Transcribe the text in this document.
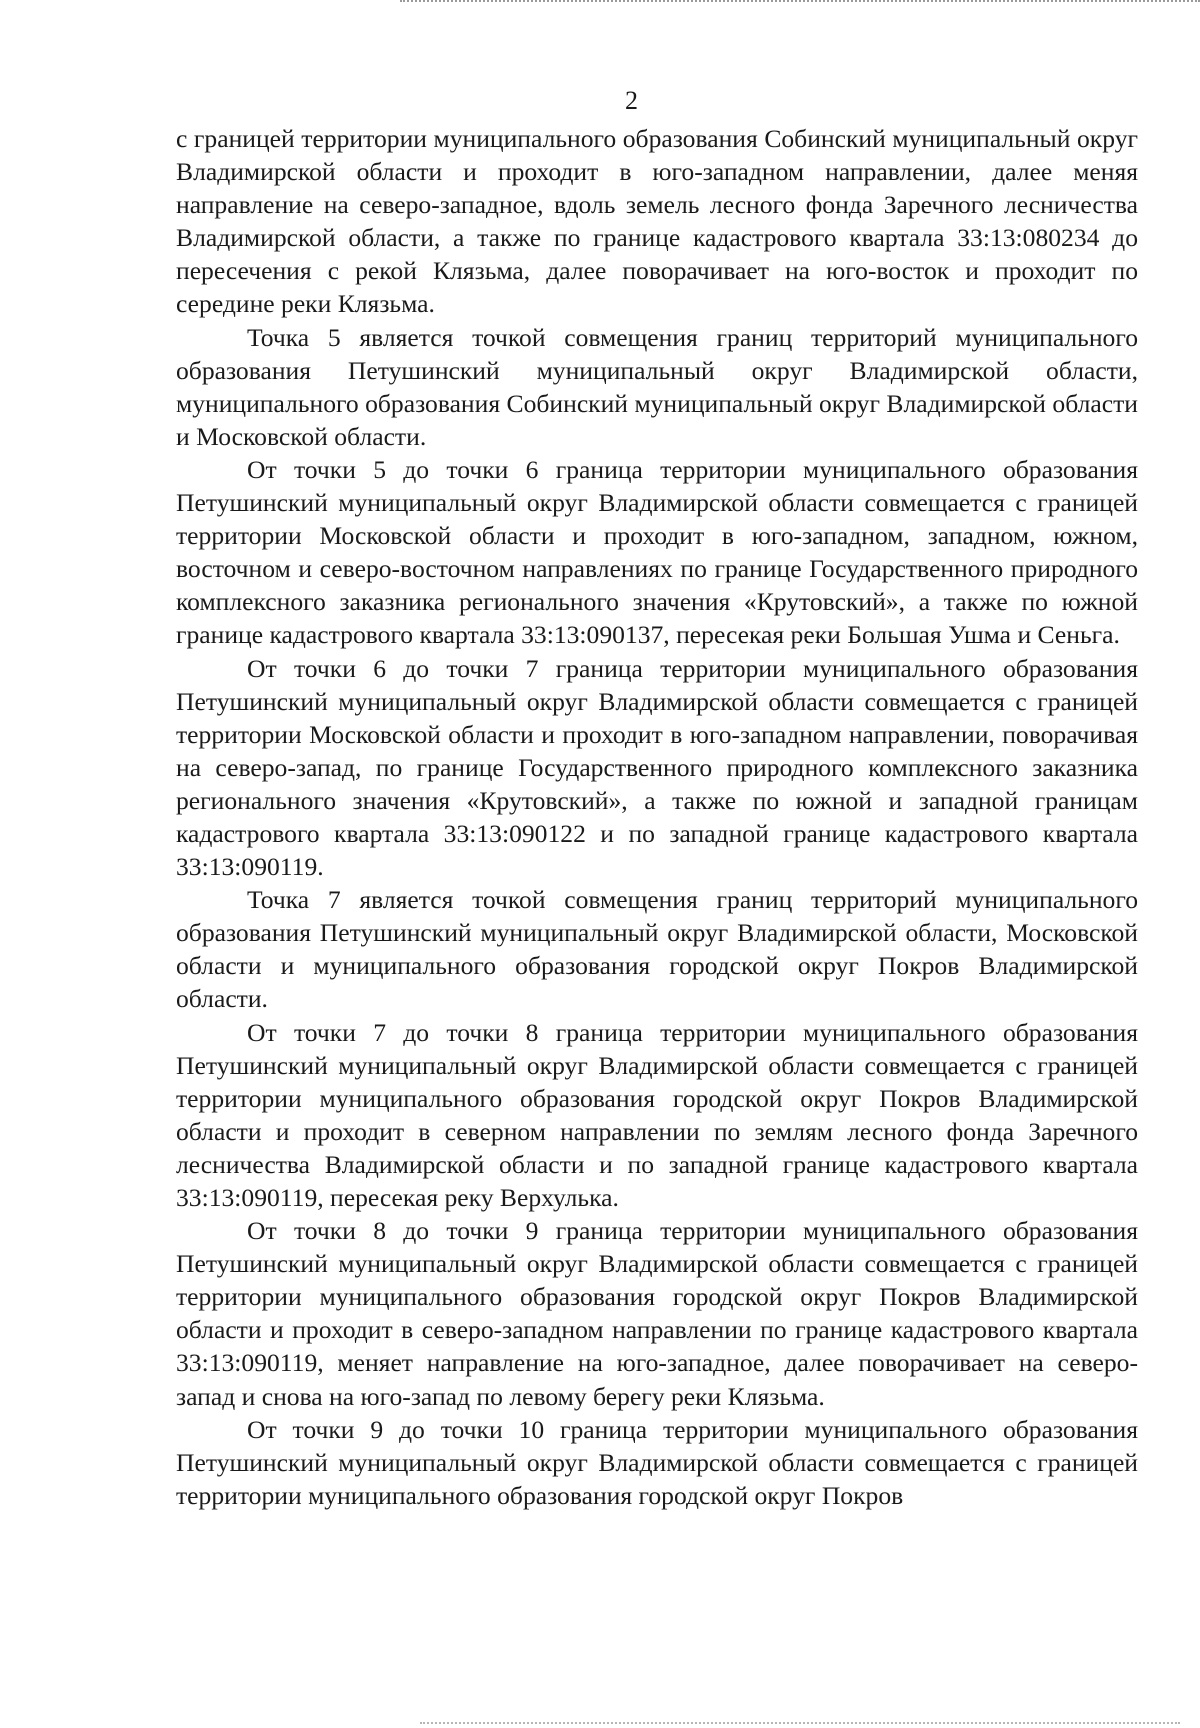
2

с границей территории муниципального образования Собинский муниципальный округ Владимирской области и проходит в юго-западном направлении, далее меняя направление на северо-западное, вдоль земель лесного фонда Заречного лесничества Владимирской области, а также по границе кадастрового квартала 33:13:080234 до пересечения с рекой Клязьма, далее поворачивает на юго-восток и проходит по середине реки Клязьма.

Точка 5 является точкой совмещения границ территорий муниципального образования Петушинский муниципальный округ Владимирской области, муниципального образования Собинский муниципальный округ Владимирской области и Московской области.

От точки 5 до точки 6 граница территории муниципального образования Петушинский муниципальный округ Владимирской области совмещается с границей территории Московской области и проходит в юго-западном, западном, южном, восточном и северо-восточном направлениях по границе Государственного природного комплексного заказника регионального значения «Крутовский», а также по южной границе кадастрового квартала 33:13:090137, пересекая реки Большая Ушма и Сеньга.

От точки 6 до точки 7 граница территории муниципального образования Петушинский муниципальный округ Владимирской области совмещается с границей территории Московской области и проходит в юго-западном направлении, поворачивая на северо-запад, по границе Государственного природного комплексного заказника регионального значения «Крутовский», а также по южной и западной границам кадастрового квартала 33:13:090122 и по западной границе кадастрового квартала 33:13:090119.

Точка 7 является точкой совмещения границ территорий муниципального образования Петушинский муниципальный округ Владимирской области, Московской области и муниципального образования городской округ Покров Владимирской области.

От точки 7 до точки 8 граница территории муниципального образования Петушинский муниципальный округ Владимирской области совмещается с границей территории муниципального образования городской округ Покров Владимирской области и проходит в северном направлении по землям лесного фонда Заречного лесничества Владимирской области и по западной границе кадастрового квартала 33:13:090119, пересекая реку Верхулька.

От точки 8 до точки 9 граница территории муниципального образования Петушинский муниципальный округ Владимирской области совмещается с границей территории муниципального образования городской округ Покров Владимирской области и проходит в северо-западном направлении по границе кадастрового квартала 33:13:090119, меняет направление на юго-западное, далее поворачивает на северо-запад и снова на юго-запад по левому берегу реки Клязьма.

От точки 9 до точки 10 граница территории муниципального образования Петушинский муниципальный округ Владимирской области совмещается с границей территории муниципального образования городской округ Покров
